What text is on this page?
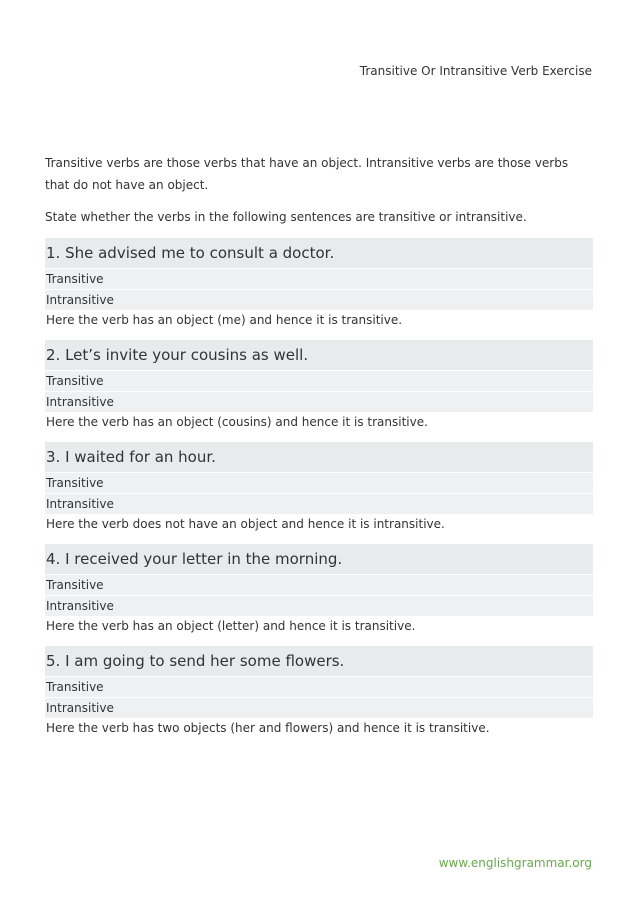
Transitive Or Intransitive Verb Exercise

Transitive verbs are those verbs that have an object. Intransitive verbs are those verbs that do not have an object.

State whether the verbs in the following sentences are transitive or intransitive.

1. She advised me to consult a doctor.
Transitive
Intransitive
Here the verb has an object (me) and hence it is transitive.
2. Let’s invite your cousins as well.
Transitive
Intransitive
Here the verb has an object (cousins) and hence it is transitive.
3. I waited for an hour.
Transitive
Intransitive
Here the verb does not have an object and hence it is intransitive.
4. I received your letter in the morning.
Transitive
Intransitive
Here the verb has an object (letter) and hence it is transitive.
5. I am going to send her some flowers.
Transitive
Intransitive
Here the verb has two objects (her and flowers) and hence it is transitive.
www.englishgrammar.org
